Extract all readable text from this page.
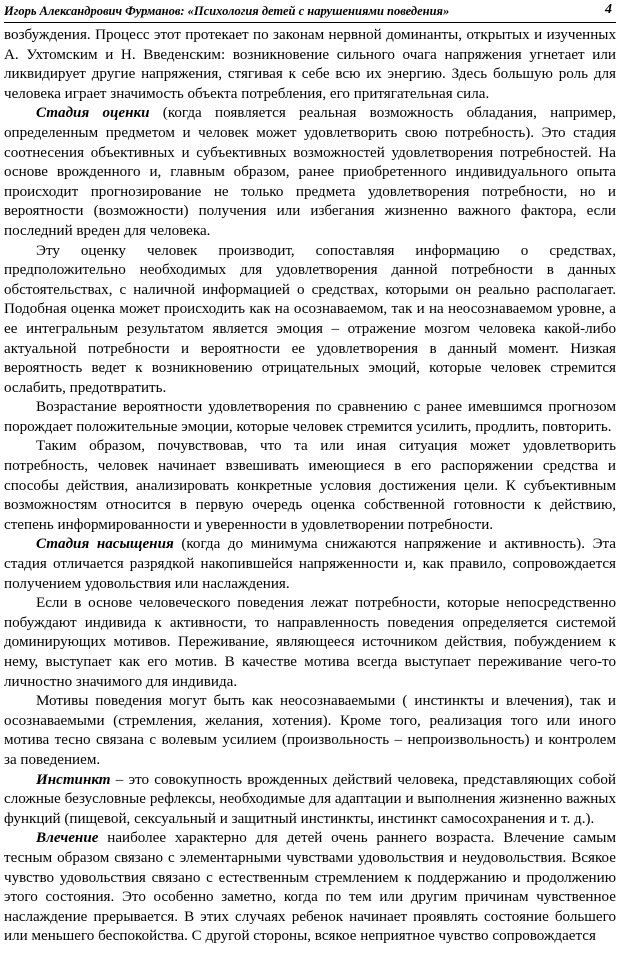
Игорь Александрович Фурманов: «Психология детей с нарушениями поведения»	4

возбуждения. Процесс этот протекает по законам нервной доминанты, открытых и изученных А. Ухтомским и Н. Введенским: возникновение сильного очага напряжения угнетает или ликвидирует другие напряжения, стягивая к себе всю их энергию. Здесь большую роль для человека играет значимость объекта потребления, его притягательная сила.

Стадия оценки (когда появляется реальная возможность обладания, например, определенным предметом и человек может удовлетворить свою потребность). Это стадия соотнесения объективных и субъективных возможностей удовлетворения потребностей. На основе врожденного и, главным образом, ранее приобретенного индивидуального опыта происходит прогнозирование не только предмета удовлетворения потребности, но и вероятности (возможности) получения или избегания жизненно важного фактора, если последний вреден для человека.

Эту оценку человек производит, сопоставляя информацию о средствах, предположительно необходимых для удовлетворения данной потребности в данных обстоятельствах, с наличной информацией о средствах, которыми он реально располагает. Подобная оценка может происходить как на осознаваемом, так и на неосознаваемом уровне, а ее интегральным результатом является эмоция – отражение мозгом человека какой-либо актуальной потребности и вероятности ее удовлетворения в данный момент. Низкая вероятность ведет к возникновению отрицательных эмоций, которые человек стремится ослабить, предотвратить.

Возрастание вероятности удовлетворения по сравнению с ранее имевшимся прогнозом порождает положительные эмоции, которые человек стремится усилить, продлить, повторить.

Таким образом, почувствовав, что та или иная ситуация может удовлетворить потребность, человек начинает взвешивать имеющиеся в его распоряжении средства и способы действия, анализировать конкретные условия достижения цели. К субъективным возможностям относится в первую очередь оценка собственной готовности к действию, степень информированности и уверенности в удовлетворении потребности.

Стадия насыщения (когда до минимума снижаются напряжение и активность). Эта стадия отличается разрядкой накопившейся напряженности и, как правило, сопровождается получением удовольствия или наслаждения.

Если в основе человеческого поведения лежат потребности, которые непосредственно побуждают индивида к активности, то направленность поведения определяется системой доминирующих мотивов. Переживание, являющееся источником действия, побуждением к нему, выступает как его мотив. В качестве мотива всегда выступает переживание чего-то личностно значимого для индивида.

Мотивы поведения могут быть как неосознаваемыми ( инстинкты и влечения), так и осознаваемыми (стремления, желания, хотения). Кроме того, реализация того или иного мотива тесно связана с волевым усилием (произвольность – непроизвольность) и контролем за поведением.

Инстинкт – это совокупность врожденных действий человека, представляющих собой сложные безусловные рефлексы, необходимые для адаптации и выполнения жизненно важных функций (пищевой, сексуальный и защитный инстинкты, инстинкт самосохранения и т. д.).

Влечение наиболее характерно для детей очень раннего возраста. Влечение самым тесным образом связано с элементарными чувствами удовольствия и неудовольствия. Всякое чувство удовольствия связано с естественным стремлением к поддержанию и продолжению этого состояния. Это особенно заметно, когда по тем или другим причинам чувственное наслаждение прерывается. В этих случаях ребенок начинает проявлять состояние большего или меньшего беспокойства. С другой стороны, всякое неприятное чувство сопровождается
